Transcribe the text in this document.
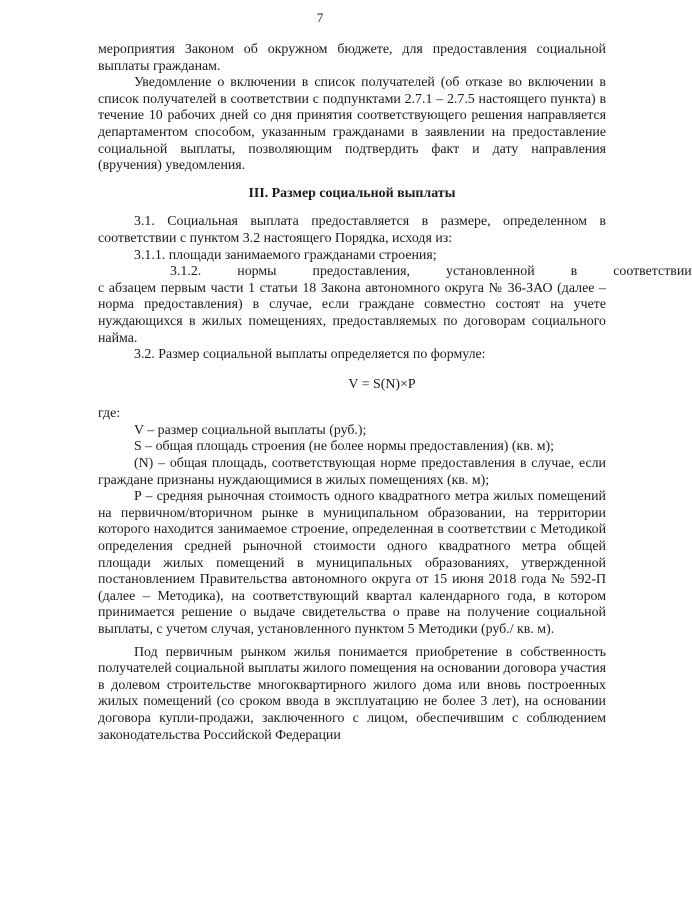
7

мероприятия Законом об окружном бюджете, для предоставления социальной выплаты гражданам.

Уведомление о включении в список получателей (об отказе во включении в список получателей в соответствии с подпунктами 2.7.1 – 2.7.5 настоящего пункта) в течение 10 рабочих дней со дня принятия соответствующего решения направляется департаментом способом, указанным гражданами в заявлении на предоставление социальной выплаты, позволяющим подтвердить факт и дату направления (вручения) уведомления.

III. Размер социальной выплаты

3.1. Социальная выплата предоставляется в размере, определенном в соответствии с пунктом 3.2 настоящего Порядка, исходя из:

3.1.1. площади занимаемого гражданами строения;

3.1.2.	нормы	предоставления,	установленной	в	соответствии

с абзацем первым части 1 статьи 18 Закона автономного округа № 36-ЗАО (далее – норма предоставления) в случае, если граждане совместно состоят на учете нуждающихся в жилых помещениях, предоставляемых по договорам социального найма.

3.2. Размер социальной выплаты определяется по формуле:

V = S(N)×P

где:

V – размер социальной выплаты (руб.);

S – общая площадь строения (не более нормы предоставления) (кв. м);

(N) – общая площадь, соответствующая норме предоставления в случае, если граждане признаны нуждающимися в жилых помещениях (кв. м);

P – средняя рыночная стоимость одного квадратного метра жилых помещений на первичном/вторичном рынке в муниципальном образовании, на территории которого находится занимаемое строение, определенная в соответствии с Методикой определения средней рыночной стоимости одного квадратного метра общей площади жилых помещений в муниципальных образованиях, утвержденной постановлением Правительства автономного округа от 15 июня 2018 года № 592-П (далее – Методика), на соответствующий квартал календарного года, в котором принимается решение о выдаче свидетельства о праве на получение социальной выплаты, с учетом случая, установленного пунктом 5 Методики (руб./ кв. м).

Под первичным рынком жилья понимается приобретение в собственность получателей социальной выплаты жилого помещения на основании договора участия в долевом строительстве многоквартирного жилого дома или вновь построенных жилых помещений (со сроком ввода в эксплуатацию не более 3 лет), на основании договора купли-продажи, заключенного с лицом, обеспечившим с соблюдением законодательства Российской Федерации
